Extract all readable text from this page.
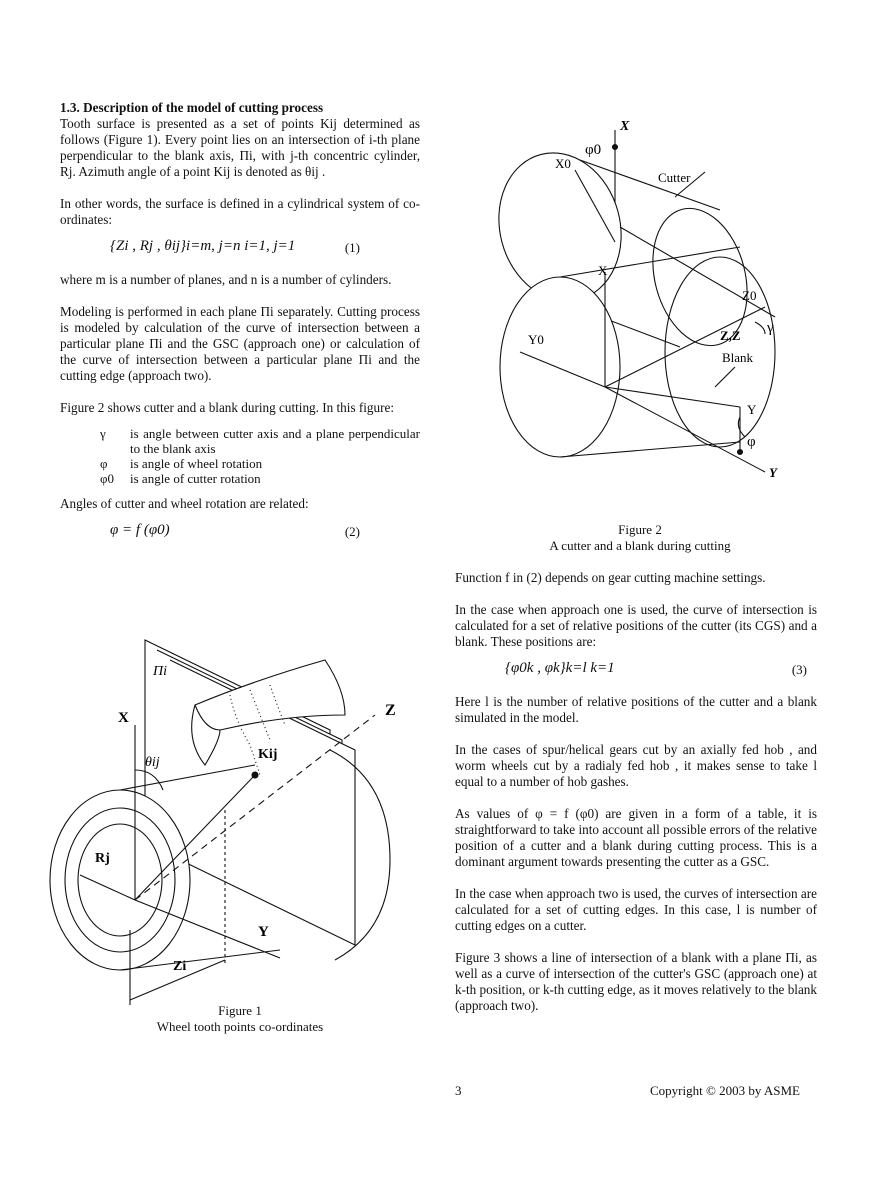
1.3. Description of the model of cutting process

Tooth surface is presented as a set of points Kij determined as follows (Figure 1). Every point lies on an intersection of i-th plane perpendicular to the blank axis, Πi, with j-th concentric cylinder, Rj. Azimuth angle of a point Kij is denoted as θij .

In other words, the surface is defined in a cylindrical system of co-ordinates:

{Zi , Rj , θij}i=m, j=n i=1, j=1	(1)

where m is a number of planes, and n is a number of cylinders.

Modeling is performed in each plane Πi separately. Cutting process is modeled by calculation of the curve of intersection between a particular plane Πi and the GSC (approach one) or calculation of the curve of intersection between a particular plane Πi and the cutting edge (approach two).

Figure 2 shows cutter and a blank during cutting. In this figure:

γ	is angle between cutter axis and a plane perpendicular to the blank axis
φ	is angle of wheel rotation
φ0	is angle of cutter rotation

Angles of cutter and wheel rotation are related:

φ = f (φ0)	(2)
Πi
X
θij
Kij
Z
Rj
Y
Zi
Figure 1
Wheel tooth points co-ordinates
X
φ0
X0
Cutter
X
Z0
γ
Y0	Z,Z
Blank
Y
φ
Y
Figure 2
A cutter and a blank during cutting

Function f in (2) depends on gear cutting machine settings.

In the case when approach one is used, the curve of intersection is calculated for a set of relative positions of the cutter (its CGS) and a blank. These positions are:

{φ0k , φk}k=l k=1	(3)

Here l is the number of relative positions of the cutter and a blank simulated in the model.

In the cases of spur/helical gears cut by an axially fed hob , and worm wheels cut by a radialy fed hob , it makes sense to take l equal to a number of hob gashes.

As values of φ = f (φ0) are given in a form of a table, it is straightforward to take into account all possible errors of the relative position of a cutter and a blank during cutting process. This is a dominant argument towards presenting the cutter as a GSC.

In the case when approach two is used, the curves of intersection are calculated for a set of cutting edges. In this case, l is number of cutting edges on a cutter.

Figure 3 shows a line of intersection of a blank with a plane Πi, as well as a curve of intersection of the cutter's GSC (approach one) at k-th position, or k-th cutting edge, as it moves relatively to the blank (approach two).

3	Copyright © 2003 by ASME
